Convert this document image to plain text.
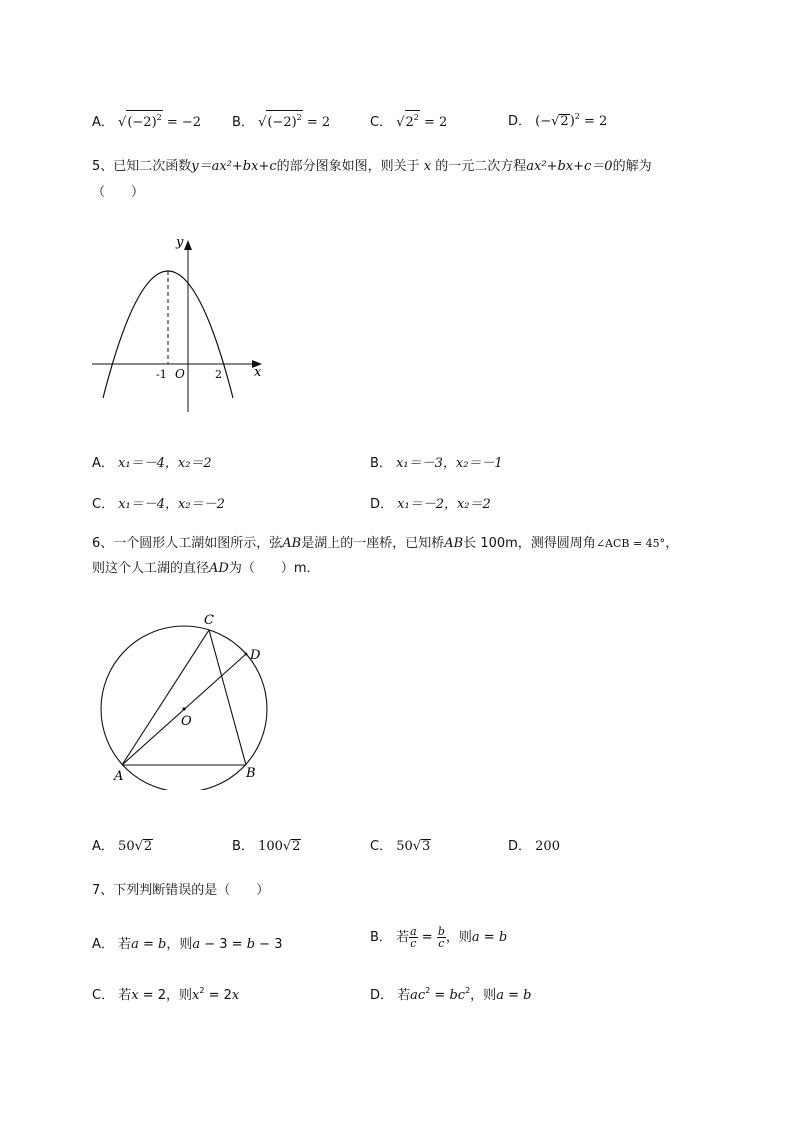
A． $√(-2)^2 = -2$ B． $√(-2)^2 = 2$	C． $√2^2 = 2$	D． $(-√2)^2 = 2$
5、已知二次函数y＝ax²+bx+c的部分图象如图，则关于 x 的一元二次方程ax²+bx+c＝0的解为
（　　）
y
x
O
-1	2
A． x₁＝－4，x₂＝2	B． x₁＝－3，x₂＝－1
C． x₁＝－4，x₂＝－2	D． x₁＝－2，x₂＝2
6、一个圆形人工湖如图所示，弦AB是湖上的一座桥，已知桥AB长 100m，测得圆周角∠ACB = 45°，
则这个人工湖的直径AD为（　　）m．
A	B
C
D
O
A． 50√2	B． 100√2	C． 50√3	D． 200
7、下列判断错误的是（　　）
A． 若a = b，则a − 3 = b − 3	B． 若 $\frac{a}{c} = \frac{b}{c}$ ，则a = b
C． 若x = 2，则$x^2 = 2x$	D． 若$ac^2 = bc^2$，则a = b
